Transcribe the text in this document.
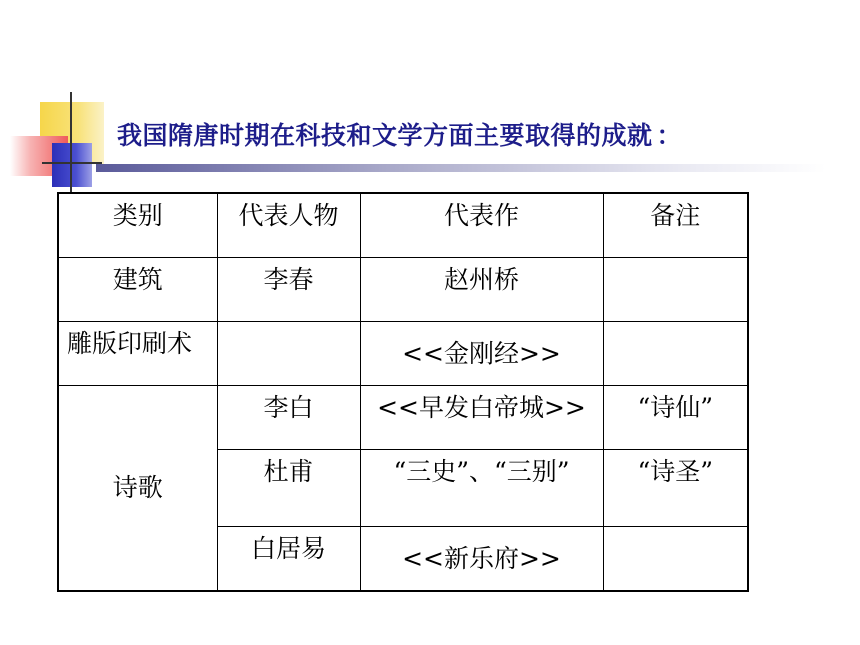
我国隋唐时期在科技和文学方面主要取得的成就 ：
类别	代表人物	代表作	备注
建筑	李春	赵州桥	
雕版印刷术		<<金刚经>>	
诗歌	李白	<<早发白帝城>>	“诗仙”
	杜甫	“三史”、“三别”	“诗圣”
	白居易	<<新乐府>>	
